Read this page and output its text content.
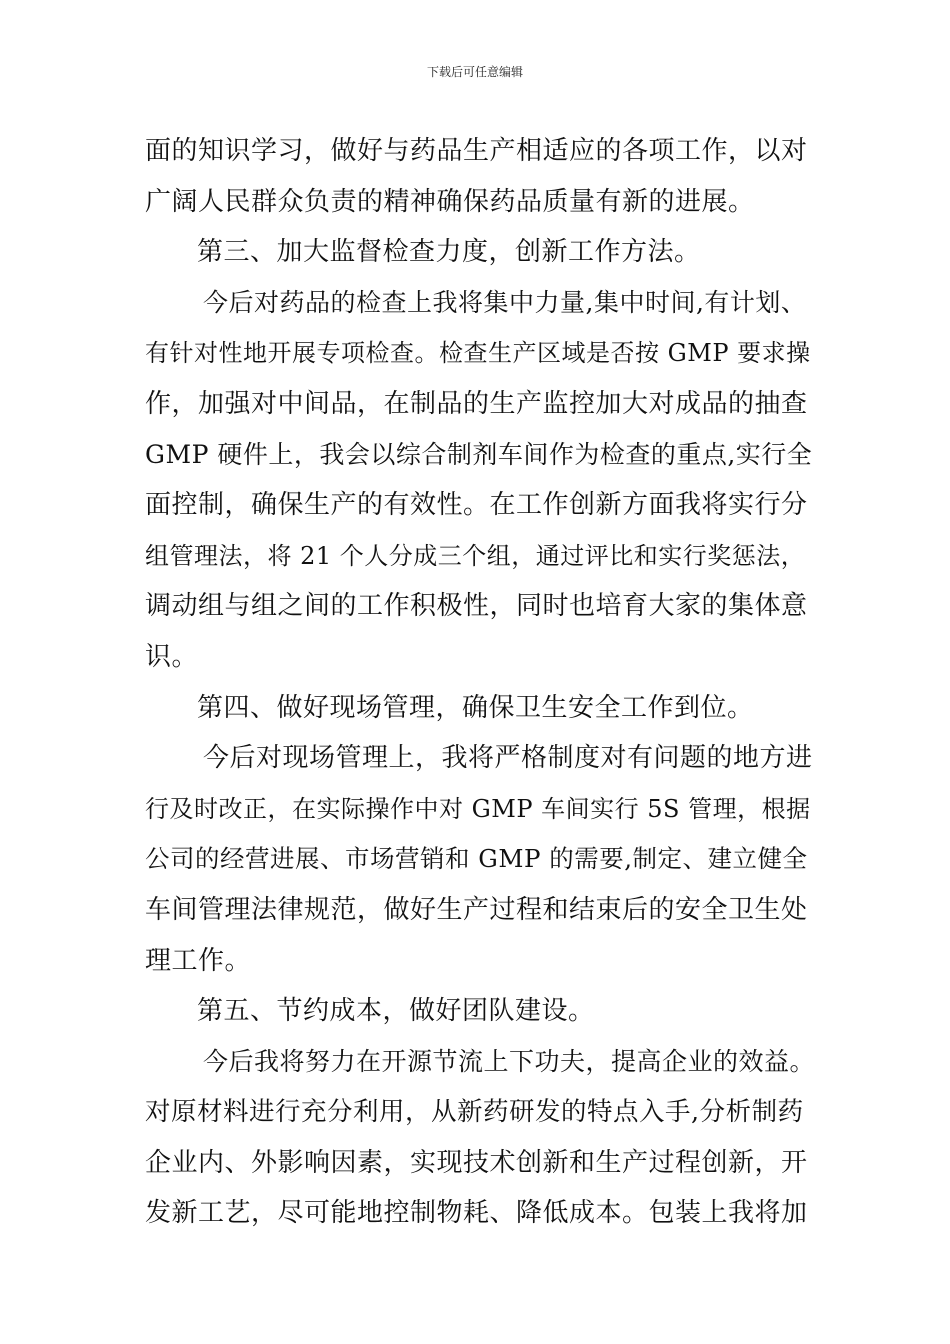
下载后可任意编辑
面的知识学习，做好与药品生产相适应的各项工作，以对
广阔人民群众负责的精神确保药品质量有新的进展。
第三、加大监督检查力度，创新工作方法。
今后对药品的检查上我将集中力量,集中时间,有计划、
有针对性地开展专项检查。检查生产区域是否按 GMP 要求操
作，加强对中间品，在制品的生产监控加大对成品的抽查
GMP 硬件上，我会以综合制剂车间作为检查的重点,实行全
面控制，确保生产的有效性。在工作创新方面我将实行分
组管理法，将 21 个人分成三个组，通过评比和实行奖惩法，
调动组与组之间的工作积极性，同时也培育大家的集体意
识。
第四、做好现场管理，确保卫生安全工作到位。
今后对现场管理上，我将严格制度对有问题的地方进
行及时改正，在实际操作中对 GMP 车间实行 5S 管理，根据
公司的经营进展、市场营销和 GMP 的需要,制定、建立健全
车间管理法律规范，做好生产过程和结束后的安全卫生处
理工作。
第五、节约成本，做好团队建设。
今后我将努力在开源节流上下功夫，提高企业的效益。
对原材料进行充分利用，从新药研发的特点入手,分析制药
企业内、外影响因素，实现技术创新和生产过程创新，开
发新工艺，尽可能地控制物耗、降低成本。包装上我将加
